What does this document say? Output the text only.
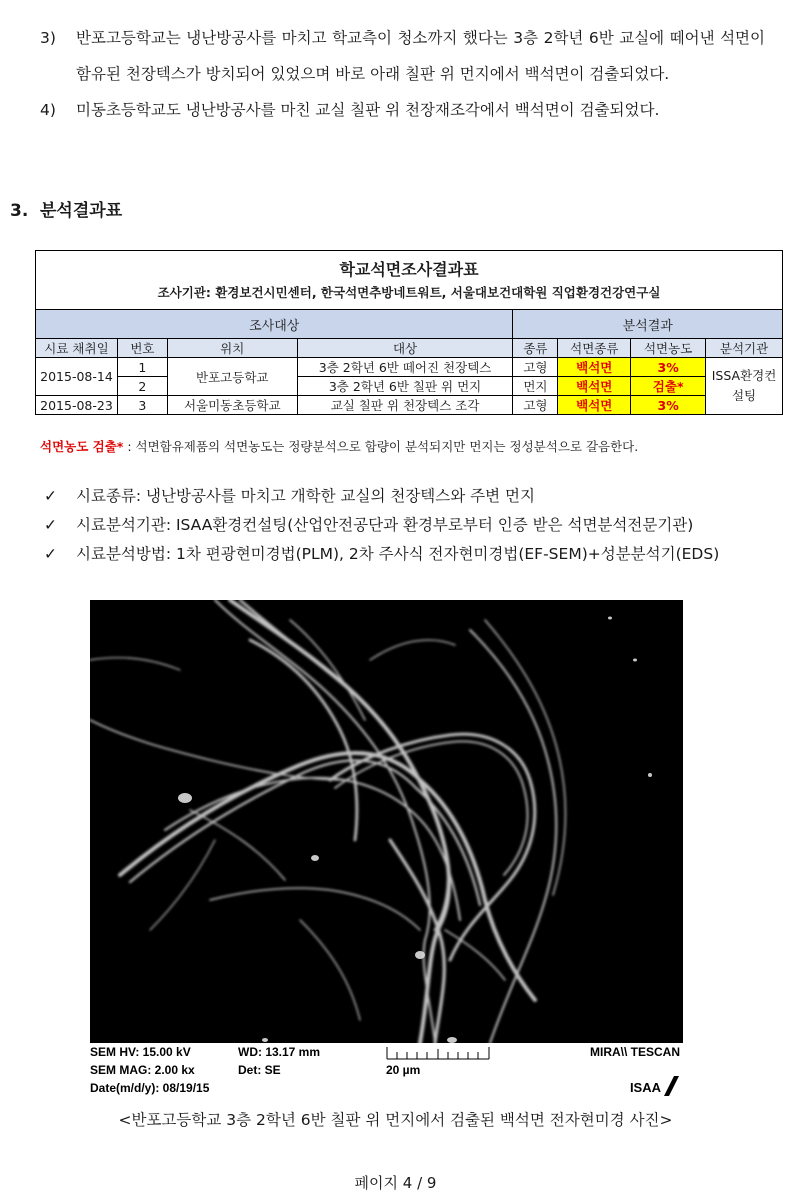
3)	반포고등학교는 냉난방공사를 마치고 학교측이 청소까지 했다는 3층 2학년 6반 교실에 떼어낸 석면이 함유된 천장텍스가 방치되어 있었으며 바로 아래 칠판 위 먼지에서 백석면이 검출되었다.
4)	미동초등학교도 냉난방공사를 마친 교실 칠판 위 천장재조각에서 백석면이 검출되었다.
3. 분석결과표
학교석면조사결과표
조사기관: 환경보건시민센터, 한국석면추방네트워트, 서울대보건대학원 직업환경건강연구실							

조사대상				분석결과			
시료 채취일	번호	위치	대상	종류	석면종류	석면농도	분석기관
2015-08-14	1	반포고등학교	3층 2학년 6반 떼어진 천장텍스	고형	백석면	3%	ISSA환경컨설팅
	2		3층 2학년 6반 칠판 위 먼지	먼지	백석면	검출*	
2015-08-23	3	서울미동초등학교	교실 칠판 위 천장텍스 조각	고형	백석면	3%	
석면농도 검출* : 석면함유제품의 석면농도는 정량분석으로 함량이 분석되지만 먼지는 정성분석으로 갈음한다.
✓	시료종류: 냉난방공사를 마치고 개학한 교실의 천장텍스와 주변 먼지
✓	시료분석기관: ISAA환경컨설팅(산업안전공단과 환경부로부터 인증 받은 석면분석전문기관)
✓	시료분석방법: 1차 편광현미경법(PLM), 2차 주사식 전자현미경법(EF-SEM)+성분분석기(EDS)
SEM HV: 15.00 kV	WD: 13.17 mm
SEM MAG: 2.00 kx	Det: SE
Date(m/d/y): 08/19/15
20 µm
MIRA\\ TESCAN
ISAA
<반포고등학교 3층 2학년 6반 칠판 위 먼지에서 검출된 백석면 전자현미경 사진>
페이지 4 / 9
